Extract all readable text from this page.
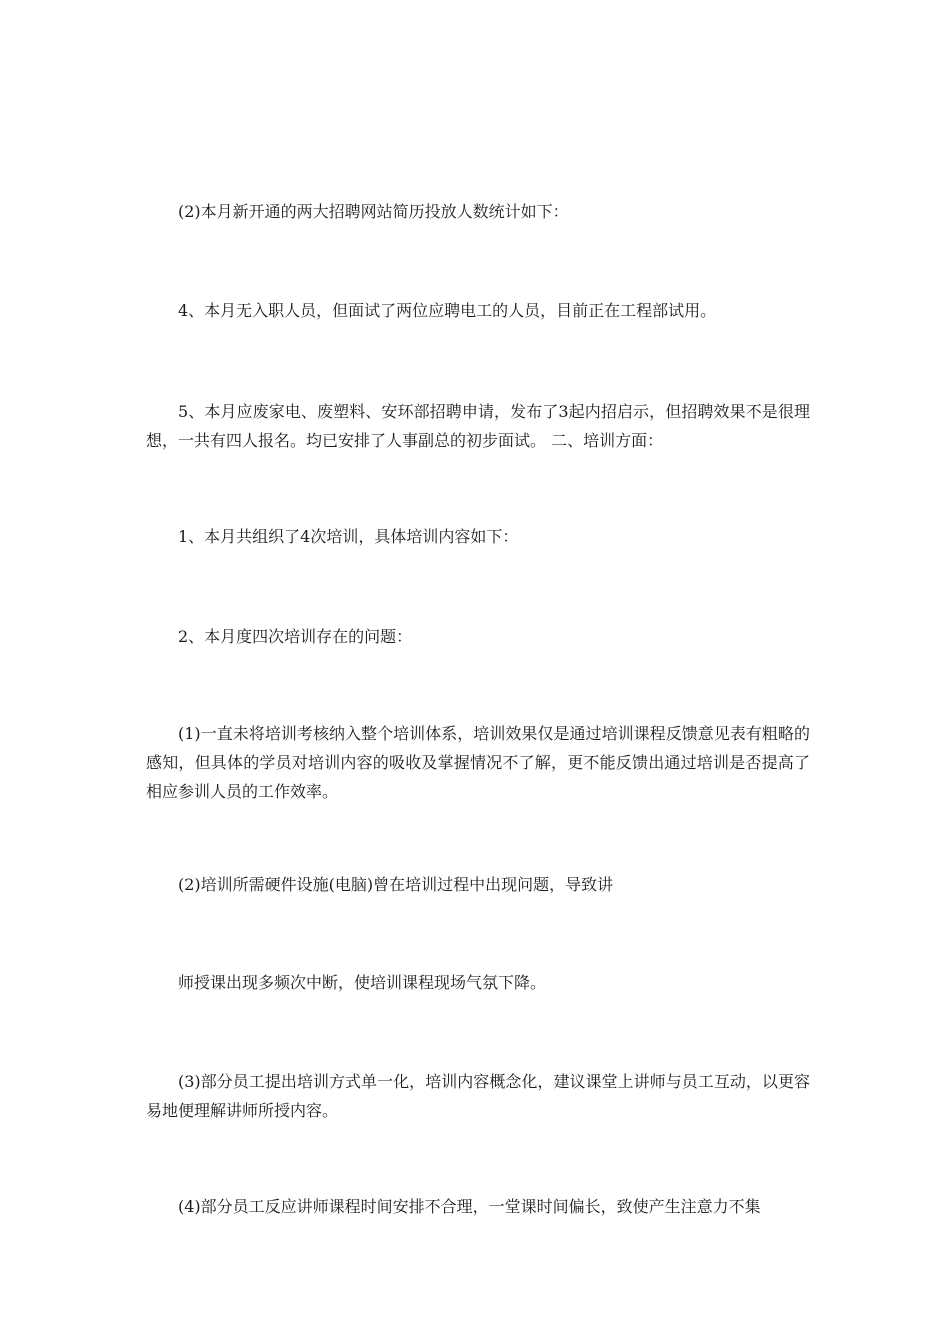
(2)本月新开通的两大招聘网站简历投放人数统计如下：

4、本月无入职人员，但面试了两位应聘电工的人员，目前正在工程部试用。

5、本月应废家电、废塑料、安环部招聘申请，发布了3起内招启示，但招聘效果不是很理想，一共有四人报名。均已安排了人事副总的初步面试。 二、培训方面：

1、本月共组织了4次培训，具体培训内容如下：

2、本月度四次培训存在的问题：

(1)一直未将培训考核纳入整个培训体系，培训效果仅是通过培训课程反馈意见表有粗略的感知，但具体的学员对培训内容的吸收及掌握情况不了解，更不能反馈出通过培训是否提高了相应参训人员的工作效率。

(2)培训所需硬件设施(电脑)曾在培训过程中出现问题，导致讲

师授课出现多频次中断，使培训课程现场气氛下降。

(3)部分员工提出培训方式单一化，培训内容概念化，建议课堂上讲师与员工互动，以更容易地便理解讲师所授内容。

(4)部分员工反应讲师课程时间安排不合理，一堂课时间偏长，致使产生注意力不集
